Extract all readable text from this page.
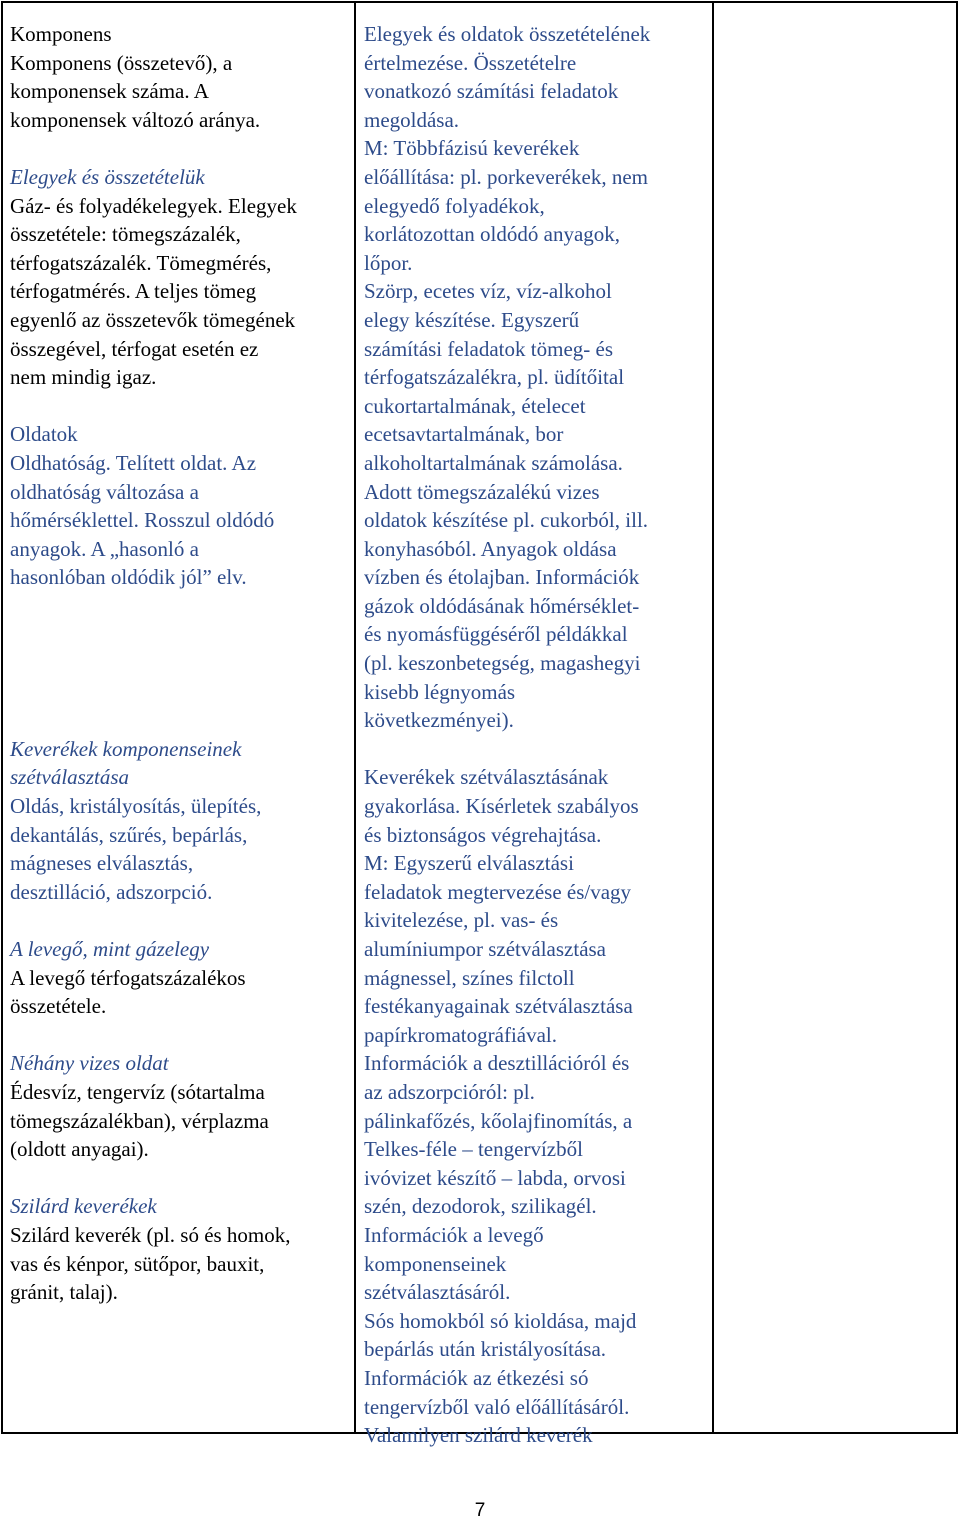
Komponens
Komponens (összetevő), a
komponensek száma. A
komponensek változó aránya.
Elegyek és összetételük
Gáz- és folyadékelegyek. Elegyek
összetétele: tömegszázalék,
térfogatszázalék. Tömegmérés,
térfogatmérés. A teljes tömeg
egyenlő az összetevők tömegének
összegével, térfogat esetén ez
nem mindig igaz.
Oldatok
Oldhatóság. Telített oldat. Az
oldhatóság változása a
hőmérséklettel. Rosszul oldódó
anyagok. A „hasonló a
hasonlóban oldódik jól” elv.
Keverékek komponenseinek
szétválasztása
Oldás, kristályosítás, ülepítés,
dekantálás, szűrés, bepárlás,
mágneses elválasztás,
desztilláció, adszorpció.
A levegő, mint gázelegy
A levegő térfogatszázalékos
összetétele.
Néhány vizes oldat
Édesvíz, tengervíz (sótartalma
tömegszázalékban), vérplazma
(oldott anyagai).
Szilárd keverékek
Szilárd keverék (pl. só és homok,
vas és kénpor, sütőpor, bauxit,
gránit, talaj).
Elegyek és oldatok összetételének
értelmezése. Összetételre
vonatkozó számítási feladatok
megoldása.
M: Többfázisú keverékek
előállítása: pl. porkeverékek, nem
elegyedő folyadékok,
korlátozottan oldódó anyagok,
lőpor.
Szörp, ecetes víz, víz-alkohol
elegy készítése. Egyszerű
számítási feladatok tömeg- és
térfogatszázalékra, pl. üdítőital
cukortartalmának, ételecet
ecetsavtartalmának, bor
alkoholtartalmának számolása.
Adott tömegszázalékú vizes
oldatok készítése pl. cukorból, ill.
konyhasóból. Anyagok oldása
vízben és étolajban. Információk
gázok oldódásának hőmérséklet-
és nyomásfüggéséről példákkal
(pl. keszonbetegség, magashegyi
kisebb légnyomás
következményei).
Keverékek szétválasztásának
gyakorlása. Kísérletek szabályos
és biztonságos végrehajtása.
M: Egyszerű elválasztási
feladatok megtervezése és/vagy
kivitelezése, pl. vas- és
alumíniumpor szétválasztása
mágnessel, színes filctoll
festékanyagainak szétválasztása
papírkromatográfiával.
Információk a desztillációról és
az adszorpcióról: pl.
pálinkafőzés, kőolajfinomítás, a
Telkes-féle – tengervízből
ivóvizet készítő – labda, orvosi
szén, dezodorok, szilikagél.
Információk a levegő
komponenseinek
szétválasztásáról.
Sós homokból só kioldása, majd
bepárlás után kristályosítása.
Információk az étkezési só
tengervízből való előállításáról.
Valamilyen szilárd keverék
7
